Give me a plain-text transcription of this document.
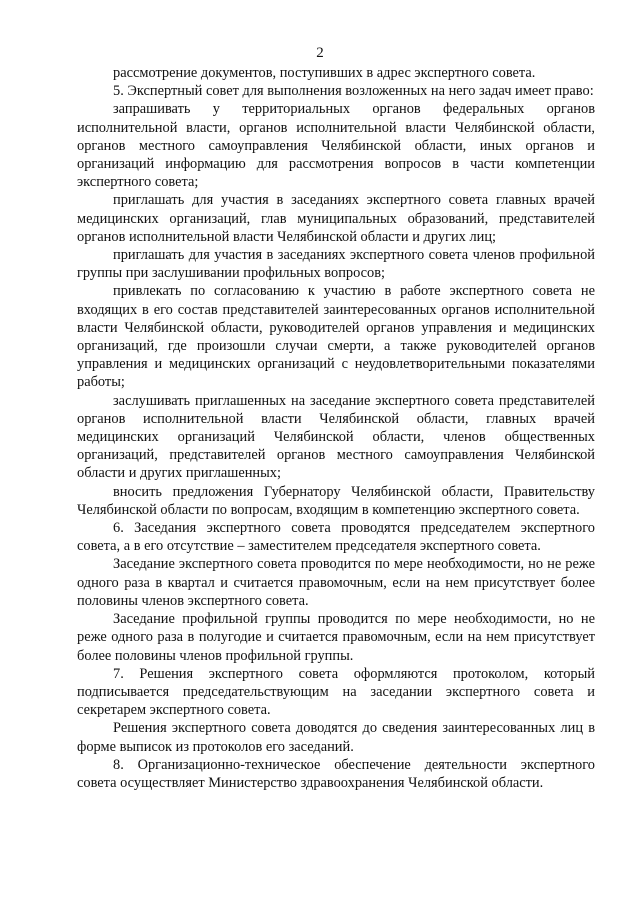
2

рассмотрение документов, поступивших в адрес экспертного совета.

5. Экспертный совет для выполнения возложенных на него задач имеет право:

запрашивать у территориальных органов федеральных органов исполнительной власти, органов исполнительной власти Челябинской области, органов местного самоуправления Челябинской области, иных органов и организаций информацию для рассмотрения вопросов в части компетенции экспертного совета;

приглашать для участия в заседаниях экспертного совета главных врачей медицинских организаций, глав муниципальных образований, представителей органов исполнительной власти Челябинской области и других лиц;

приглашать для участия в заседаниях экспертного совета членов профильной группы при заслушивании профильных вопросов;

привлекать по согласованию к участию в работе экспертного совета не входящих в его состав представителей заинтересованных органов исполнительной власти Челябинской области, руководителей органов управления и медицинских организаций, где произошли случаи смерти, а также руководителей органов управления и медицинских организаций с неудовлетворительными показателями работы;

заслушивать приглашенных на заседание экспертного совета представителей органов исполнительной власти Челябинской области, главных врачей медицинских организаций Челябинской области, членов общественных организаций, представителей органов местного самоуправления Челябинской области и других приглашенных;

вносить предложения Губернатору Челябинской области, Правительству Челябинской области по вопросам, входящим в компетенцию экспертного совета.

6. Заседания экспертного совета проводятся председателем экспертного совета, а в его отсутствие – заместителем председателя экспертного совета.

Заседание экспертного совета проводится по мере необходимости, но не реже одного раза в квартал и считается правомочным, если на нем присутствует более половины членов экспертного совета.

Заседание профильной группы проводится по мере необходимости, но не реже одного раза в полугодие и считается правомочным, если на нем присутствует более половины членов профильной группы.

7. Решения экспертного совета оформляются протоколом, который подписывается председательствующим на заседании экспертного совета и секретарем экспертного совета.

Решения экспертного совета доводятся до сведения заинтересованных лиц в форме выписок из протоколов его заседаний.

8. Организационно-техническое обеспечение деятельности экспертного совета осуществляет Министерство здравоохранения Челябинской области.
